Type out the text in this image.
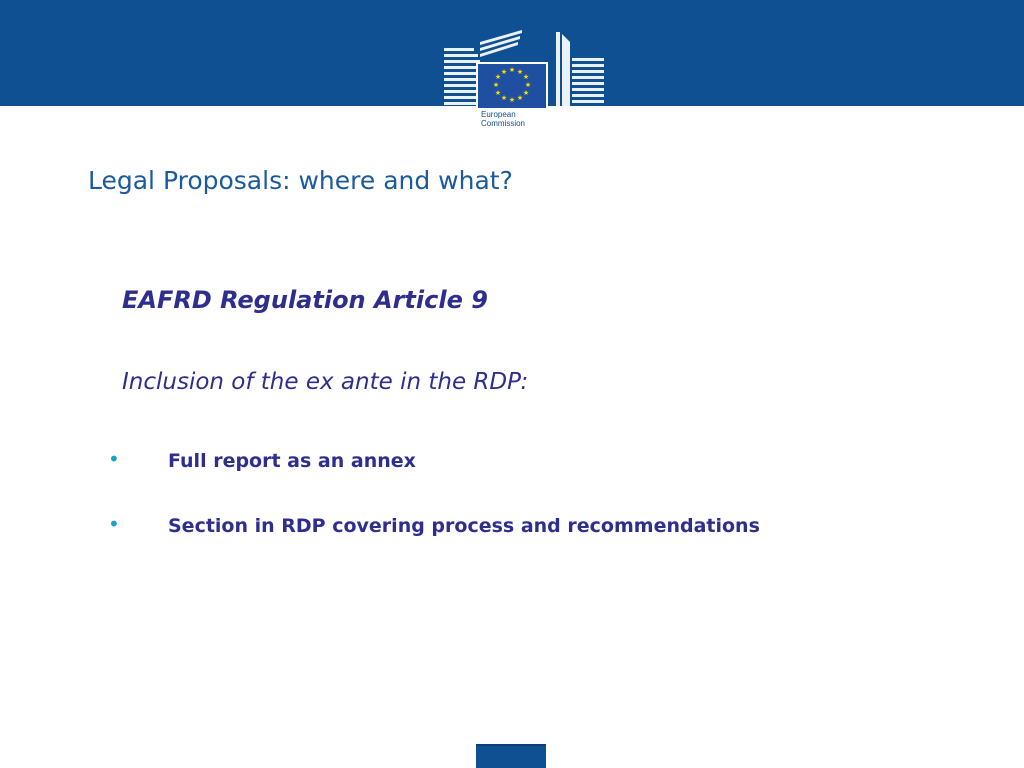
★ ★
★
★
★
★
★
★
★
★
★
★
European
Commission
Legal Proposals: where and what?
EAFRD Regulation Article 9
Inclusion of the ex ante in the RDP:
•	Full report as an annex
•	Section in RDP covering process and recommendations
